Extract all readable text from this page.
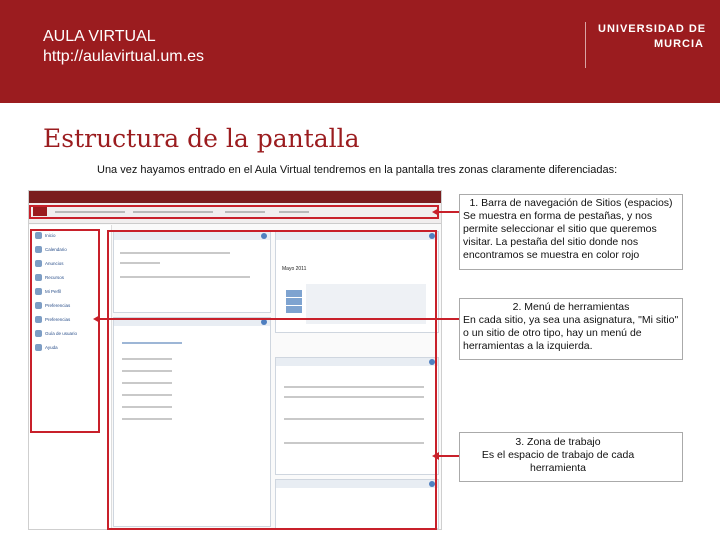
AULA VIRTUAL
http://aulavirtual.um.es
UNIVERSIDAD DE
MURCIA
Estructura de la pantalla
Una vez hayamos entrado en el Aula Virtual tendremos en la pantalla tres zonas claramente diferenciadas:
Inicio
Calendario
Anuncios
Recursos
Mi Perfil
Preferencias
Preferencias
Guía de usuario
Ayuda
Mayo 2011
1. Barra de navegación de Sitios (espacios)
Se muestra en forma de pestañas, y nos permite seleccionar el sitio que queremos visitar. La pestaña del sitio donde nos encontramos se muestra en color rojo
2. Menú de herramientas
En cada sitio, ya sea una asignatura, "Mi sitio" o un sitio de otro tipo, hay un menú de herramientas a la izquierda.
3. Zona de trabajo
Es el espacio de trabajo de cada herramienta
